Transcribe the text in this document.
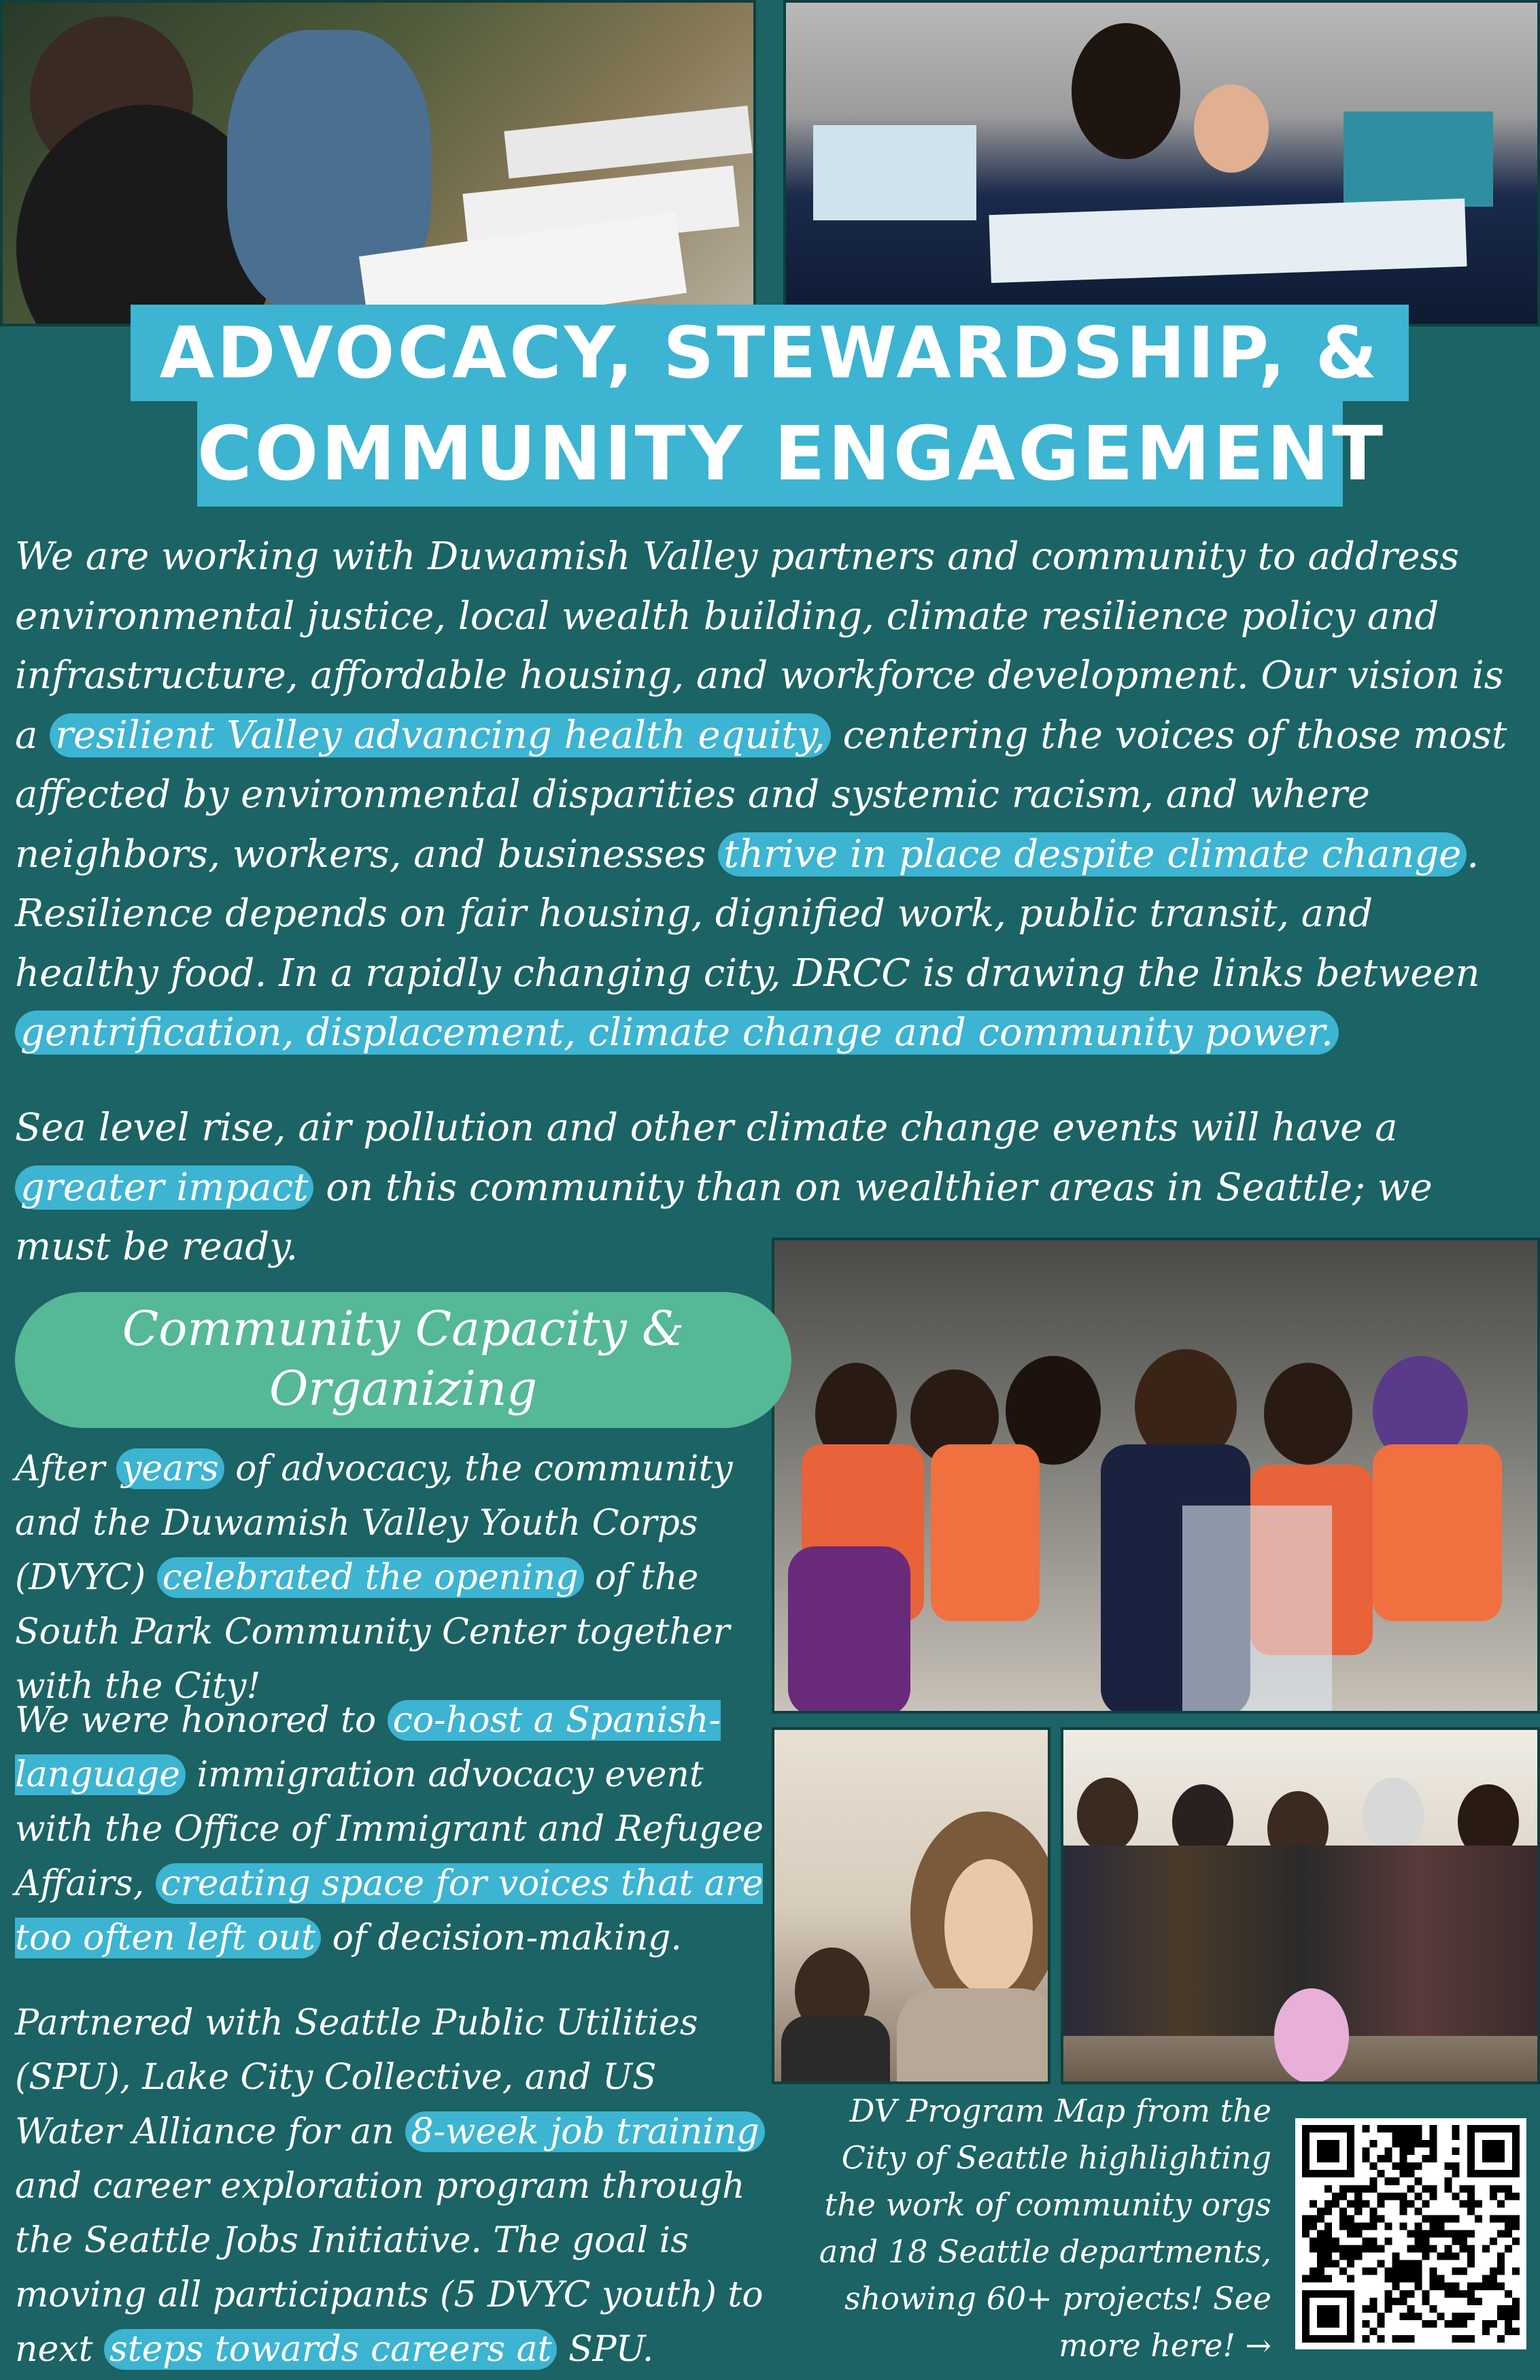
ADVOCACY, STEWARDSHIP, &
COMMUNITY ENGAGEMENT
We are working with Duwamish Valley partners and community to address environmental justice, local wealth building, climate resilience policy and infrastructure, affordable housing, and workforce development. Our vision is a resilient Valley advancing health equity, centering the voices of those most affected by environmental disparities and systemic racism, and where neighbors, workers, and businesses thrive in place despite climate change . Resilience depends on fair housing, dignified work, public transit, and healthy food. In a rapidly changing city, DRCC is drawing the links between gentrification, displacement, climate change and community power.
Sea level rise, air pollution and other climate change events will have a greater impact on this community than on wealthier areas in Seattle; we must be ready.
Community Capacity & Organizing
After years of advocacy, the community and the Duwamish Valley Youth Corps (DVYC) celebrated the opening of the South Park Community Center together with the City!
We were honored to co-host a Spanish-language immigration advocacy event with the Office of Immigrant and Refugee Affairs, creating space for voices that are too often left out of decision-making.
Partnered with Seattle Public Utilities (SPU), Lake City Collective, and US Water Alliance for an 8-week job training and career exploration program through the Seattle Jobs Initiative. The goal is moving all participants (5 DVYC youth) to next steps towards careers at SPU.
DV Program Map from the City of Seattle highlighting the work of community orgs and 18 Seattle departments, showing 60+ projects! See more here! →
